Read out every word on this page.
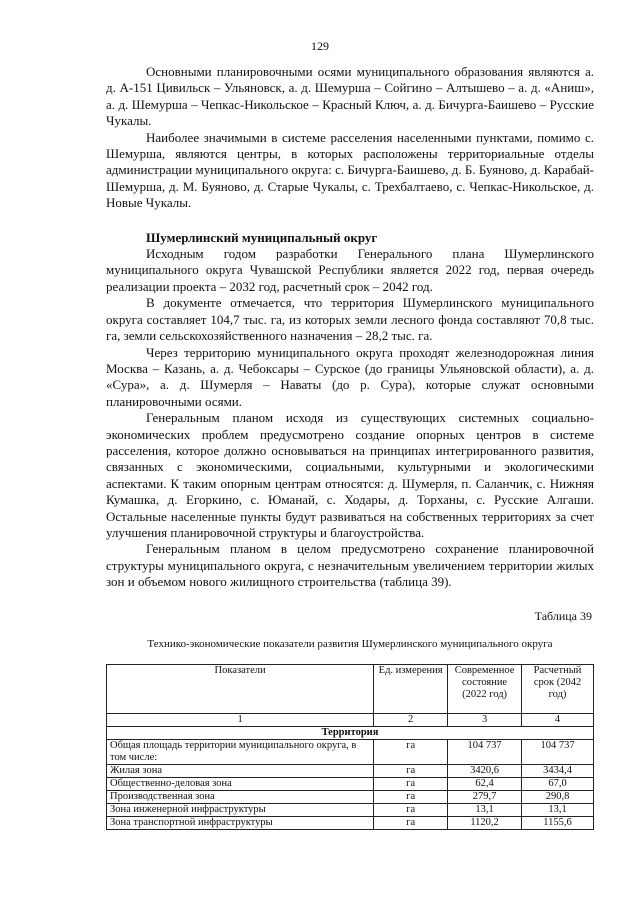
129

Основными планировочными осями муниципального образования являются а. д. А-151 Цивильск – Ульяновск, а. д. Шемурша – Сойгино – Алтышево – а. д. «Аниш», а. д. Шемурша – Чепкас-Никольское – Красный Ключ, а. д. Бичурга-Баишево – Русские Чукалы.

Наиболее значимыми в системе расселения населенными пунктами, помимо с. Шемурша, являются центры, в которых расположены территориальные отделы администрации муниципального округа: с. Бичурга-Баишево, д. Б. Буяново, д. Карабай-Шемурша, д. М. Буяново, д. Старые Чукалы, с. Трехбалтаево, с. Чепкас-Никольское, д. Новые Чукалы.

Шумерлинский муниципальный округ

Исходным годом разработки Генерального плана Шумерлинского муниципального округа Чувашской Республики является 2022 год, первая очередь реализации проекта – 2032 год, расчетный срок – 2042 год.

В документе отмечается, что территория Шумерлинского муниципального округа составляет 104,7 тыс. га, из которых земли лесного фонда составляют 70,8 тыс. га, земли сельскохозяйственного назначения – 28,2 тыс. га.

Через территорию муниципального округа проходят железнодорожная линия Москва – Казань, а. д. Чебоксары – Сурское (до границы Ульяновской области), а. д. «Сура», а. д. Шумерля – Наваты (до р. Сура), которые служат основными планировочными осями.

Генеральным планом исходя из существующих системных социально-экономических проблем предусмотрено создание опорных центров в системе расселения, которое должно основываться на принципах интегрированного развития, связанных с экономическими, социальными, культурными и экологическими аспектами. К таким опорным центрам относятся: д. Шумерля, п. Саланчик, с. Нижняя Кумашка, д. Егоркино, с. Юманай, с. Ходары, д. Торханы, с. Русские Алгаши. Остальные населенные пункты будут развиваться на собственных территориях за счет улучшения планировочной структуры и благоустройства.

Генеральным планом в целом предусмотрено сохранение планировочной структуры муниципального округа, с незначительным увеличением территории жилых зон и объемом нового жилищного строительства (таблица 39).

Таблица 39
Технико-экономические показатели развития Шумерлинского муниципального округа
Показатели	Ед. измерения	Современное состояние (2022 год)	Расчетный срок (2042 год)
1	2	3	4
Территория			
Общая площадь территории муниципального округа, в том числе:	га	104 737	104 737
Жилая зона	га	3420,6	3434,4
Общественно-деловая зона	га	62,4	67,0
Производственная зона	га	279,7	290,8
Зона инженерной инфраструктуры	га	13,1	13,1
Зона транспортной инфраструктуры	га	1120,2	1155,6
